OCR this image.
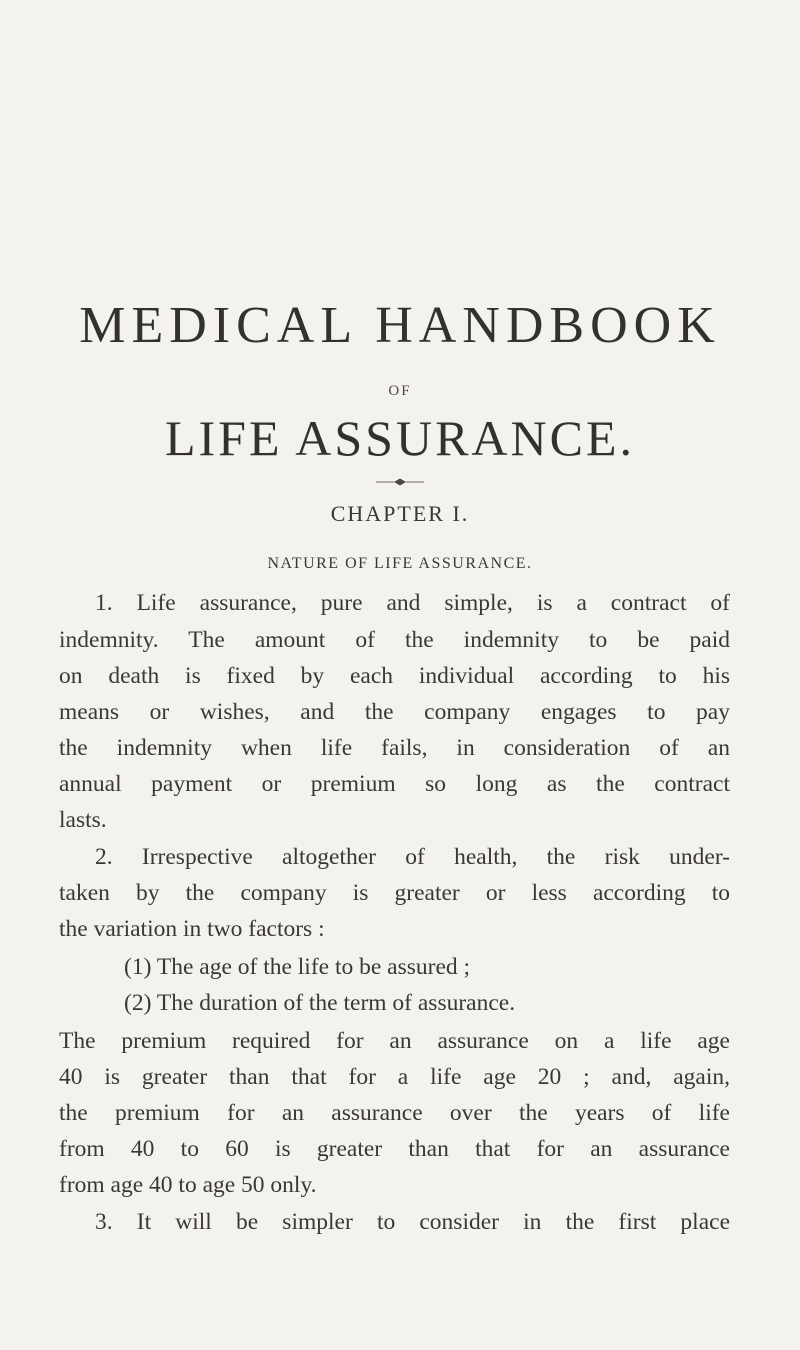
MEDICAL HANDBOOK
OF
LIFE ASSURANCE.
CHAPTER I.
NATURE OF LIFE ASSURANCE.
1. Life assurance, pure and simple, is a contract of
indemnity. The amount of the indemnity to be paid
on death is fixed by each individual according to his
means or wishes, and the company engages to pay
the indemnity when life fails, in consideration of an
annual payment or premium so long as the contract
lasts.
2. Irrespective altogether of health, the risk under-
taken by the company is greater or less according to
the variation in two factors :
(1) The age of the life to be assured ;
(2) The duration of the term of assurance.
The premium required for an assurance on a life age
40 is greater than that for a life age 20 ; and, again,
the premium for an assurance over the years of life
from 40 to 60 is greater than that for an assurance
from age 40 to age 50 only.
3. It will be simpler to consider in the first place
